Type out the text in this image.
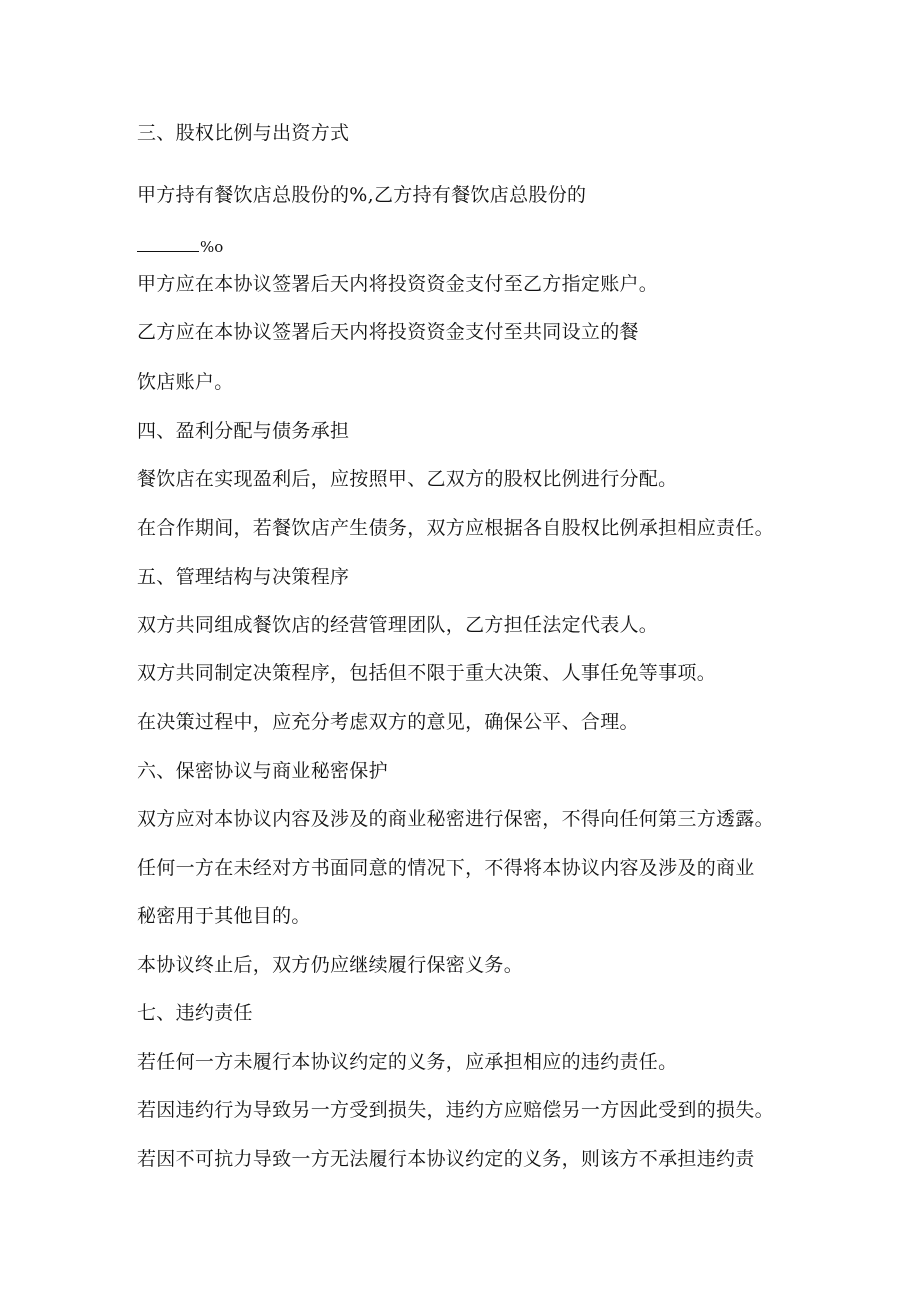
三、股权比例与出资方式
甲方持有餐饮店总股份的%,乙方持有餐饮店总股份的
%o
甲方应在本协议签署后天内将投资资金支付至乙方指定账户。
乙方应在本协议签署后天内将投资资金支付至共同设立的餐
饮店账户。
四、盈利分配与债务承担
餐饮店在实现盈利后，应按照甲、乙双方的股权比例进行分配。
在合作期间，若餐饮店产生债务，双方应根据各自股权比例承担相应责任。
五、管理结构与决策程序
双方共同组成餐饮店的经营管理团队，乙方担任法定代表人。
双方共同制定决策程序，包括但不限于重大决策、人事任免等事项。
在决策过程中，应充分考虑双方的意见，确保公平、合理。
六、保密协议与商业秘密保护
双方应对本协议内容及涉及的商业秘密进行保密，不得向任何第三方透露。
任何一方在未经对方书面同意的情况下，不得将本协议内容及涉及的商业
秘密用于其他目的。
本协议终止后，双方仍应继续履行保密义务。
七、违约责任
若任何一方未履行本协议约定的义务，应承担相应的违约责任。
若因违约行为导致另一方受到损失，违约方应赔偿另一方因此受到的损失。
若因不可抗力导致一方无法履行本协议约定的义务，则该方不承担违约责
